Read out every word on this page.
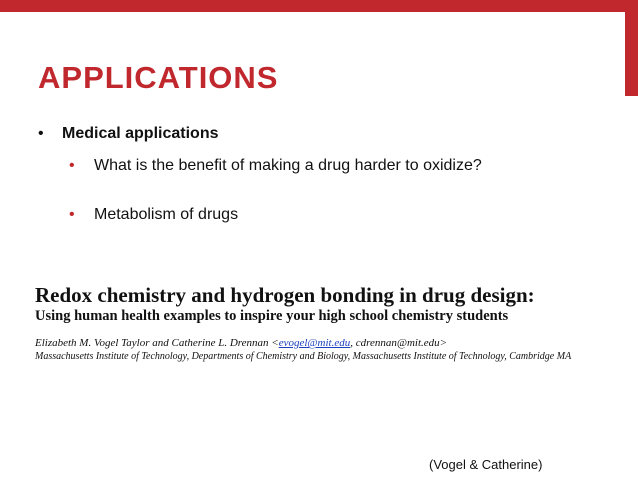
APPLICATIONS
• Medical applications
• What is the benefit of making a drug harder to oxidize?
• Metabolism of drugs
Redox chemistry and hydrogen bonding in drug design:
Using human health examples to inspire your high school chemistry students
Elizabeth M. Vogel Taylor and Catherine L. Drennan <evogel@mit.edu, cdrennan@mit.edu>
Massachusetts Institute of Technology, Departments of Chemistry and Biology, Massachusetts Institute of Technology, Cambridge MA
(Vogel & Catherine)
